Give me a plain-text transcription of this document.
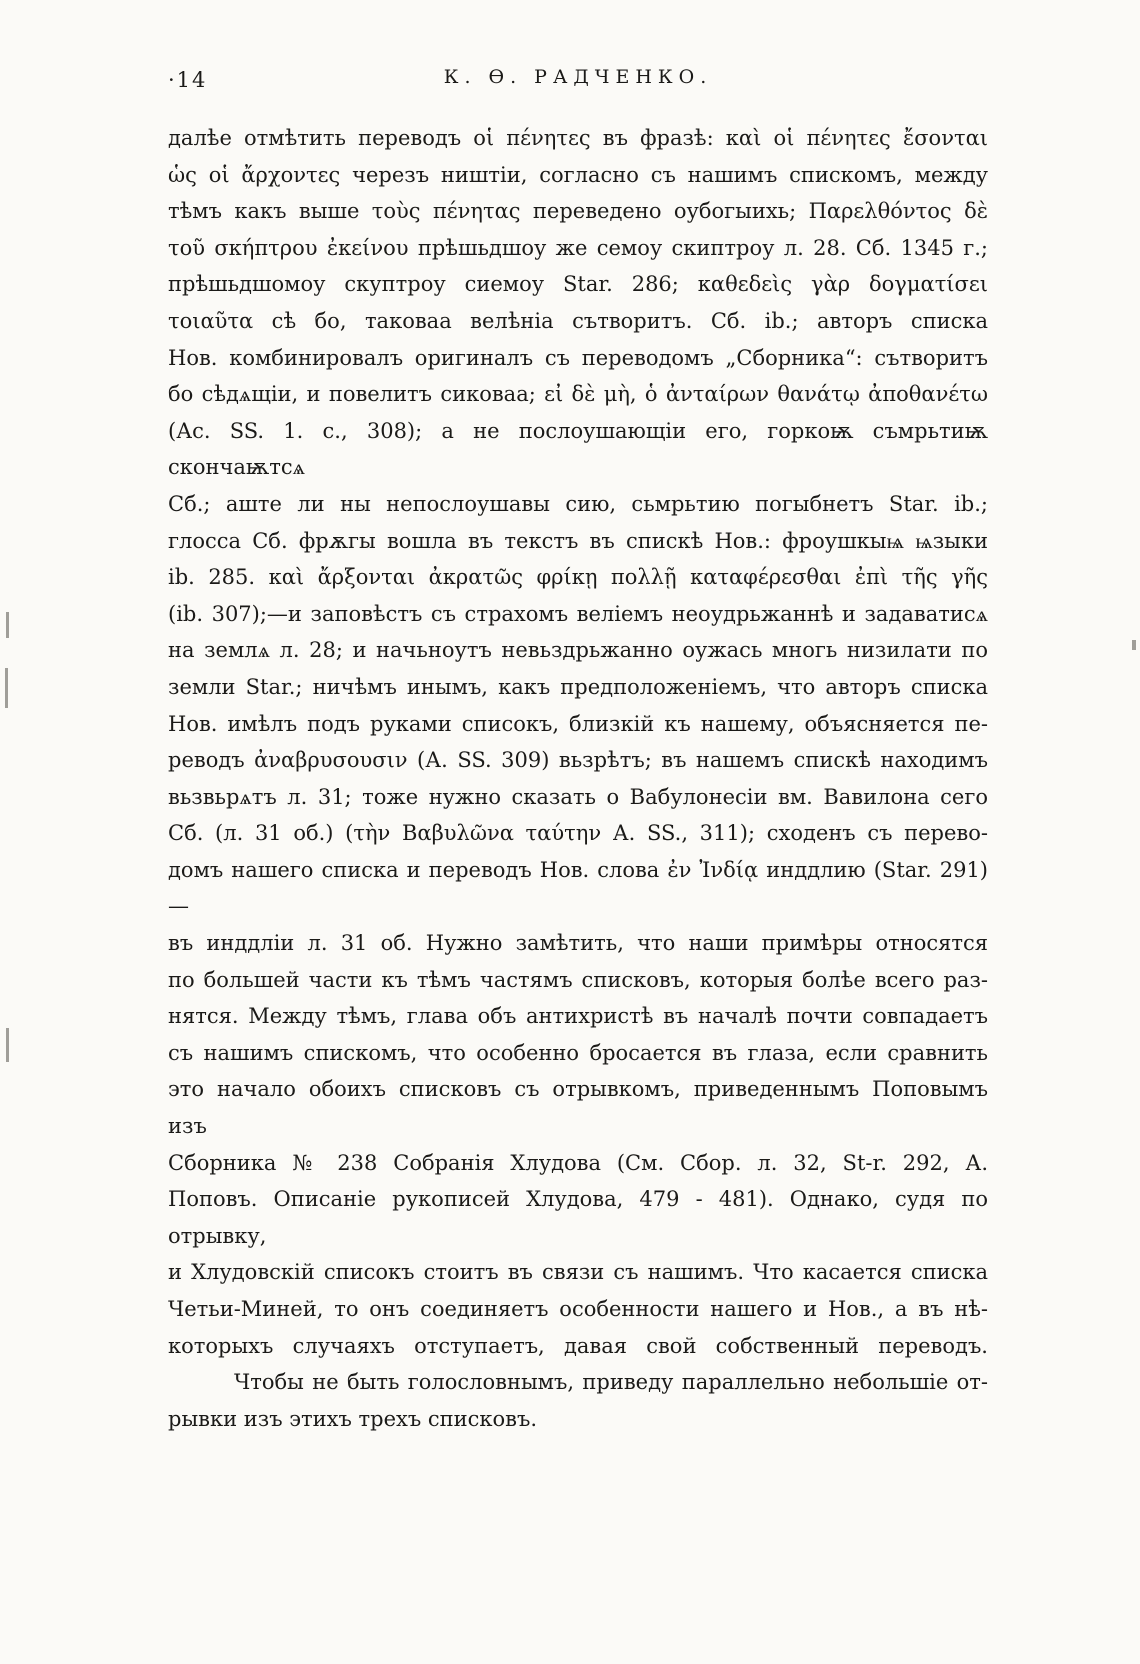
·14	К. Ѳ. РАДЧЕНКО.
далѣе отмѣтить переводъ οἱ πένητες въ фразѣ: καὶ οἱ πένητες ἔσονται
ὡς οἱ ἄρχοντες черезъ ништіи, согласно съ нашимъ спискомъ, между
тѣмъ какъ выше τοὺς πένητας переведено оубогыихь; Παρελθόντος δὲ
τοῦ σκήπτρου ἐκείνου прѣшьдшоу же семоу скиптроу л. 28. Сб. 1345 г.;
прѣшьдшомоу скуптроу сиемоу Star. 286; καθεδεὶς γὰρ δογματίσει
τοιαῦτα сѣ бо, таковаа велѣніа сътворитъ. Сб. ib.; авторъ списка
Нов. комбинировалъ оригиналъ съ переводомъ „Сборника“: сътворитъ
бо сѣдѧщіи, и повелитъ сиковаа; εἰ δὲ μὴ, ὁ ἀνταίρων θανάτῳ ἀποθανέτω
(Ас. SS. 1. с., 308); а не послоушающіи его, горкоѭ съмрьтиѭ скончаѭтсѧ
Сб.; аште ли ны непослоушавы сию, сьмрьтию погыбнетъ Star. ib.;
глосса Сб. фрѫгы вошла въ текстъ въ спискѣ Нов.: фроушкыѩ ѩзыки
ib. 285. καὶ ἄρξονται ἀκρατῶς φρίκῃ πολλῇ καταφέρεσθαι ἐπὶ τῆς γῆς
(ib. 307);—и заповѣстъ съ страхомъ веліемъ неоудрьжаннѣ и задаватисѧ
на землѧ л. 28; и начьноутъ невьздрьжанно оужась многь низилати по
земли Star.; ничѣмъ инымъ, какъ предположеніемъ, что авторъ списка
Нов. имѣлъ подъ руками списокъ, близкій къ нашему, объясняется пе-
реводъ ἀναβρυσουσιν (А. SS. 309) вьзрѣтъ; въ нашемъ спискѣ находимъ
вьзвьрѧтъ л. 31; тоже нужно сказать о Вабулонесіи вм. Вавилона сего
Сб. (л. 31 об.) (τὴν Βαβυλῶνα ταύτην А. SS., 311); сходенъ съ перево-
домъ нашего списка и переводъ Нов. слова ἐν Ἰνδίᾳ инддлию (Star. 291)—
въ инддліи л. 31 об. Нужно замѣтить, что наши примѣры относятся
по большей части къ тѣмъ частямъ списковъ, которыя болѣе всего раз-
нятся. Между тѣмъ, глава объ антихристѣ въ началѣ почти совпадаетъ
съ нашимъ спискомъ, что особенно бросается въ глаза, если сравнить
это начало обоихъ списковъ съ отрывкомъ, приведеннымъ Поповымъ изъ
Сборника № 238 Собранія Хлудова (См. Сбор. л. 32, St-r. 292, А.
Поповъ. Описаніе рукописей Хлудова, 479 - 481). Однако, судя по отрывку,
и Хлудовскій списокъ стоитъ въ связи съ нашимъ. Что касается списка
Четьи-Миней, то онъ соединяетъ особенности нашего и Нов., а въ нѣ-
которыхъ случаяхъ отступаетъ, давая свой собственный переводъ.
Чтобы не быть голословнымъ, приведу параллельно небольшіе от-
рывки изъ этихъ трехъ списковъ.
